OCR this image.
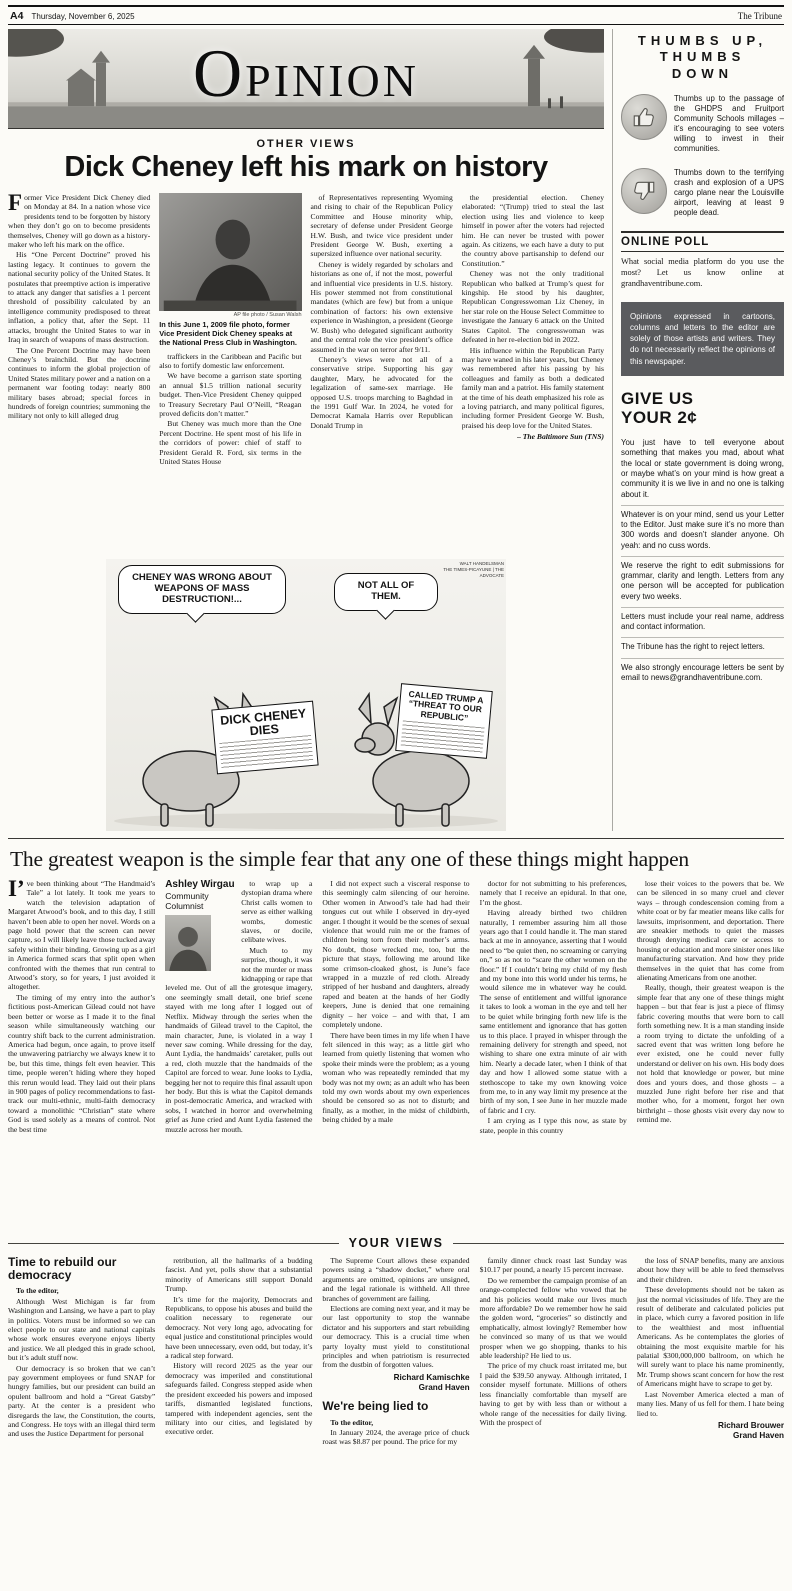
A4 Thursday, November 6, 2025	The Tribune
OPINION
OTHER VIEWS
Dick Cheney left his mark on history

Former Vice President Dick Cheney died on Monday at 84. In a nation whose vice presidents tend to be forgotten by history when they don’t go on to become presidents themselves, Cheney will go down as a history-maker who left his mark on the office.

His “One Percent Doctrine” proved his lasting legacy. It continues to govern the national security policy of the United States. It postulates that preemptive action is imperative to attack any danger that satisfies a 1 percent threshold of possibility calculated by an intelligence community predisposed to threat inflation, a policy that, after the Sept. 11 attacks, brought the United States to war in Iraq in search of weapons of mass destruction.

The One Percent Doctrine may have been Cheney’s brainchild. But the doctrine continues to inform the global projection of United States military power and a nation on a permanent war footing today: nearly 800 military bases abroad; special forces in hundreds of foreign countries; summoning the military not only to kill alleged drug

AP file photo / Susan Walsh
In this June 1, 2009 file photo, former Vice President Dick Cheney speaks at the National Press Club in Washington.

traffickers in the Caribbean and Pacific but also to fortify domestic law enforcement.

We have become a garrison state sporting an annual $1.5 trillion national security budget. Then-Vice President Cheney quipped to Treasury Secretary Paul O’Neill, “Reagan proved deficits don’t matter.”

But Cheney was much more than the One Percent Doctrine. He spent most of his life in the corridors of power: chief of staff to President Gerald R. Ford, six terms in the United States House

of Representatives representing Wyoming and rising to chair of the Republican Policy Committee and House minority whip, secretary of defense under President George H.W. Bush, and twice vice president under President George W. Bush, exerting a supersized influence over national security.

Cheney is widely regarded by scholars and historians as one of, if not the most, powerful and influential vice presidents in U.S. history. His power stemmed not from constitutional mandates (which are few) but from a unique combination of factors: his own extensive experience in Washington, a president (George W. Bush) who delegated significant authority and the central role the vice president’s office assumed in the war on terror after 9/11.

Cheney’s views were not all of a conservative stripe. Supporting his gay daughter, Mary, he advocated for the legalization of same-sex marriage. He opposed U.S. troops marching to Baghdad in the 1991 Gulf War. In 2024, he voted for Democrat Kamala Harris over Republican Donald Trump in

the presidential election. Cheney elaborated: “(Trump) tried to steal the last election using lies and violence to keep himself in power after the voters had rejected him. He can never be trusted with power again. As citizens, we each have a duty to put the country above partisanship to defend our Constitution.”

Cheney was not the only traditional Republican who balked at Trump’s quest for kingship. He stood by his daughter, Republican Congresswoman Liz Cheney, in her star role on the House Select Committee to investigate the January 6 attack on the United States Capitol. The congresswoman was defeated in her re-election bid in 2022.

His influence within the Republican Party may have waned in his later years, but Cheney was remembered after his passing by his colleagues and family as both a dedicated family man and a patriot. His family statement at the time of his death emphasized his role as a loving patriarch, and many political figures, including former President George W. Bush, praised his deep love for the United States.

– The Baltimore Sun (TNS)

CHENEY WAS WRONG ABOUT WEAPONS OF MASS DESTRUCTION!...
NOT ALL OF THEM.
WALT HANDELSMAN
THE TIMES-PICAYUNE | THE ADVOCATE
DICK CHENEY DIES
CALLED TRUMP A “THREAT TO OUR REPUBLIC”
THUMBS UP,
THUMBS
DOWN

Thumbs up to the passage of the GHDPS and Fruitport Community Schools millages – it’s encouraging to see voters willing to invest in their communities.

Thumbs down to the terrifying crash and explosion of a UPS cargo plane near the Louisville airport, leaving at least 9 people dead.

ONLINE POLL

What social media platform do you use the most? Let us know online at grandhaventribune.com.

Opinions expressed in cartoons, columns and letters to the editor are solely of those artists and writers. They do not necessarily reflect the opinions of this newspaper.
GIVE US
YOUR 2¢

You just have to tell everyone about something that makes you mad, about what the local or state government is doing wrong, or maybe what’s on your mind is how great a community it is we live in and no one is talking about it.

Whatever is on your mind, send us your Letter to the Editor. Just make sure it’s no more than 300 words and doesn’t slander anyone. Oh yeah: and no cuss words.

We reserve the right to edit submissions for grammar, clarity and length. Letters from any one person will be accepted for publication every two weeks.

Letters must include your real name, address and contact information.

The Tribune has the right to reject letters.

We also strongly encourage letters be sent by email to news@grandhaventribune.com.

The greatest weapon is the simple fear that any one of these things might happen

I’ve been thinking about “The Handmaid’s Tale” a lot lately. It took me years to watch the television adaptation of Margaret Atwood’s book, and to this day, I still haven’t been able to open her novel. Words on a page hold power that the screen can never capture, so I will likely leave those tucked away safely within their binding. Growing up as a girl in America formed scars that split open when confronted with the themes that run central to Atwood’s story, so for years, I just avoided it altogether.

The timing of my entry into the author’s fictitious post-American Gilead could not have been better or worse as I made it to the final season while simultaneously watching our country shift back to the current administration. America had begun, once again, to prove itself the unwavering patriarchy we always knew it to be, but this time, things felt even heavier. This time, people weren’t hiding where they hoped this rerun would lead. They laid out their plans in 900 pages of policy recommendations to fast-track our multi-ethnic, multi-faith democracy toward a monolithic “Christian” state where God is used solely as a means of control. Not the best time

Ashley Wirgau
Community
Columnist

to wrap up a dystopian drama where Christ calls women to serve as either walking wombs, domestic slaves, or docile, celibate wives.

Much to my surprise, though, it was not the murder or mass kidnapping or rape that leveled me. Out of all the grotesque imagery, one seemingly small detail, one brief scene stayed with me long after I logged out of Netflix. Midway through the series when the handmaids of Gilead travel to the Capitol, the main character, June, is violated in a way I never saw coming. While dressing for the day, Aunt Lydia, the handmaids’ caretaker, pulls out a red, cloth muzzle that the handmaids of the Capitol are forced to wear. June looks to Lydia, begging her not to require this final assault upon her body. But this is what the Capitol demands in post-democratic America, and wracked with sobs, I watched in horror and overwhelming grief as June cried and Aunt Lydia fastened the muzzle across her mouth.

I did not expect such a visceral response to this seemingly calm silencing of our heroine. Other women in Atwood’s tale had had their tongues cut out while I observed in dry-eyed anger. I thought it would be the scenes of sexual violence that would ruin me or the frames of children being torn from their mother’s arms. No doubt, those wrecked me, too, but the picture that stays, following me around like some crimson-cloaked ghost, is June’s face wrapped in a muzzle of red cloth. Already stripped of her husband and daughters, already raped and beaten at the hands of her Godly keepers, June is denied that one remaining dignity – her voice – and with that, I am completely undone.

There have been times in my life when I have felt silenced in this way; as a little girl who learned from quietly listening that women who spoke their minds were the problem; as a young woman who was repeatedly reminded that my body was not my own; as an adult who has been told my own words about my own experiences should be censored so as not to disturb; and finally, as a mother, in the midst of childbirth, being chided by a male

doctor for not submitting to his preferences, namely that I receive an epidural. In that one, I’m the ghost.

Having already birthed two children naturally, I remember assuring him all those years ago that I could handle it. The man stared back at me in annoyance, asserting that I would need to “be quiet then, no screaming or carrying on,” so as not to “scare the other women on the floor.” If I couldn’t bring my child of my flesh and my bone into this world under his terms, he would silence me in whatever way he could. The sense of entitlement and willful ignorance it takes to look a woman in the eye and tell her to be quiet while bringing forth new life is the same entitlement and ignorance that has gotten us to this place. I prayed in whisper through the remaining delivery for strength and speed, not wishing to share one extra minute of air with him. Nearly a decade later, when I think of that day and how I allowed some statue with a stethoscope to take my own knowing voice from me, to in any way limit my presence at the birth of my son, I see June in her muzzle made of fabric and I cry.

I am crying as I type this now, as state by state, people in this country

lose their voices to the powers that be. We can be silenced in so many cruel and clever ways – through condescension coming from a white coat or by far meatier means like calls for lawsuits, imprisonment, and deportation. There are sneakier methods to quiet the masses through denying medical care or access to housing or education and more sinister ones like manufacturing starvation. And how they pride themselves in the quiet that has come from alienating Americans from one another.

Really, though, their greatest weapon is the simple fear that any one of these things might happen – but that fear is just a piece of flimsy fabric covering mouths that were born to call forth something new. It is a man standing inside a room trying to dictate the unfolding of a sacred event that was written long before he ever existed, one he could never fully understand or deliver on his own. His body does not hold that knowledge or power, but mine does and yours does, and those ghosts – a muzzled June right before her rise and that mother who, for a moment, forgot her own birthright – those ghosts visit every day now to remind me.

YOUR VIEWS
Time to rebuild our democracy

To the editor,

Although West Michigan is far from Washington and Lansing, we have a part to play in politics. Voters must be informed so we can elect people to our state and national capitals whose work ensures everyone enjoys liberty and justice. We all pledged this in grade school, but it’s adult stuff now.

Our democracy is so broken that we can’t pay government employees or fund SNAP for hungry families, but our president can build an opulent ballroom and hold a “Great Gatsby” party. At the center is a president who disregards the law, the Constitution, the courts, and Congress. He toys with an illegal third term and uses the Justice Department for personal

retribution, all the hallmarks of a budding fascist. And yet, polls show that a substantial minority of Americans still support Donald Trump.

It’s time for the majority, Democrats and Republicans, to oppose his abuses and build the coalition necessary to regenerate our democracy. Not very long ago, advocating for equal justice and constitutional principles would have been unnecessary, even odd, but today, it’s a radical step forward.

History will record 2025 as the year our democracy was imperiled and constitutional safeguards failed. Congress stepped aside when the president exceeded his powers and imposed tariffs, dismantled legislated functions, tampered with independent agencies, sent the military into our cities, and legislated by executive order.

The Supreme Court allows these expanded powers using a “shadow docket,” where oral arguments are omitted, opinions are unsigned, and the legal rationale is withheld. All three branches of government are failing.

Elections are coming next year, and it may be our last opportunity to stop the wannabe dictator and his supporters and start rebuilding our democracy. This is a crucial time when party loyalty must yield to constitutional principles and when patriotism is resurrected from the dustbin of forgotten values.

Richard Kamischke
Grand Haven
We're being lied to

To the editor,

In January 2024, the average price of chuck roast was $8.87 per pound. The price for my

family dinner chuck roast last Sunday was $10.17 per pound, a nearly 15 percent increase.

Do we remember the campaign promise of an orange-complected fellow who vowed that he and his policies would make our lives much more affordable? Do we remember how he said the golden word, “groceries” so distinctly and emphatically, almost lovingly? Remember how he convinced so many of us that we would prosper when we go shopping, thanks to his able leadership? He lied to us.

The price of my chuck roast irritated me, but I paid the $39.50 anyway. Although irritated, I consider myself fortunate. Millions of others less financially comfortable than myself are having to get by with less than or without a whole range of the necessities for daily living. With the prospect of

the loss of SNAP benefits, many are anxious about how they will be able to feed themselves and their children.

These developments should not be taken as just the normal vicissitudes of life. They are the result of deliberate and calculated policies put in place, which curry a favored position in life to the wealthiest and most influential Americans. As he contemplates the glories of obtaining the most exquisite marble for his palatial $300,000,000 ballroom, on which he will surely want to place his name prominently, Mr. Trump shows scant concern for how the rest of Americans might have to scrape to get by.

Last November America elected a man of many lies. Many of us fell for them. I hate being lied to.

Richard Brouwer
Grand Haven
